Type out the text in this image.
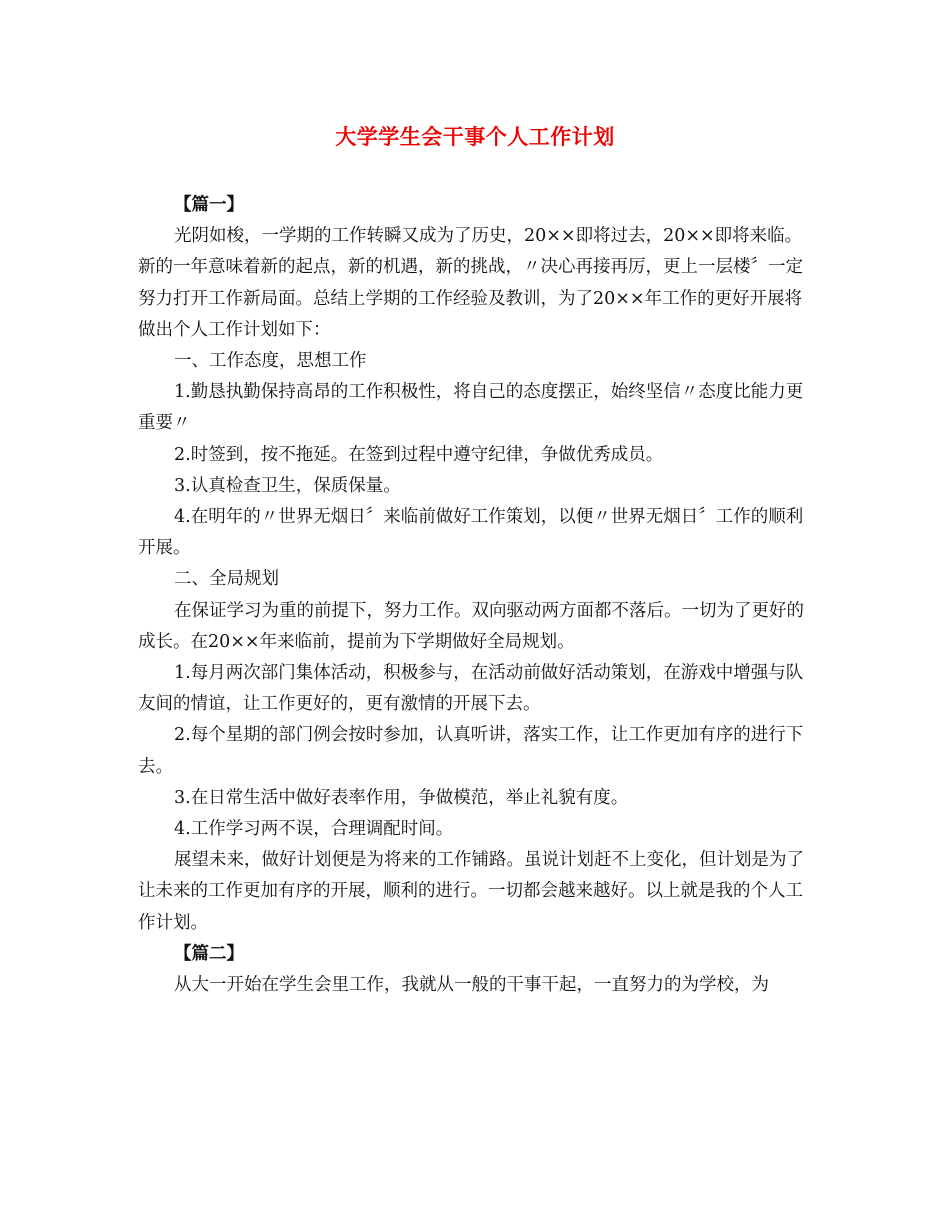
大学学生会干事个人工作计划

【篇一】

光阴如梭，一学期的工作转瞬又成为了历史，20××即将过去，20××即将来临。新的一年意味着新的起点，新的机遇，新的挑战，〃决心再接再厉，更上一层楼〞一定努力打开工作新局面。总结上学期的工作经验及教训，为了20××年工作的更好开展将做出个人工作计划如下：

一、工作态度，思想工作

1.勤恳执勤保持高昂的工作积极性，将自己的态度摆正，始终坚信〃态度比能力更重要〃

2.时签到，按不拖延。在签到过程中遵守纪律，争做优秀成员。

3.认真检查卫生，保质保量。

4.在明年的〃世界无烟日〞来临前做好工作策划，以便〃世界无烟日〞工作的顺利开展。

二、全局规划

在保证学习为重的前提下，努力工作。双向驱动两方面都不落后。一切为了更好的成长。在20××年来临前，提前为下学期做好全局规划。

1.每月两次部门集体活动，积极参与，在活动前做好活动策划，在游戏中增强与队友间的情谊，让工作更好的，更有激情的开展下去。

2.每个星期的部门例会按时参加，认真听讲，落实工作，让工作更加有序的进行下去。

3.在日常生活中做好表率作用，争做模范，举止礼貌有度。

4.工作学习两不误，合理调配时间。

展望未来，做好计划便是为将来的工作铺路。虽说计划赶不上变化，但计划是为了让未来的工作更加有序的开展，顺利的进行。一切都会越来越好。以上就是我的个人工作计划。

【篇二】

从大一开始在学生会里工作，我就从一般的干事干起，一直努力的为学校，为
